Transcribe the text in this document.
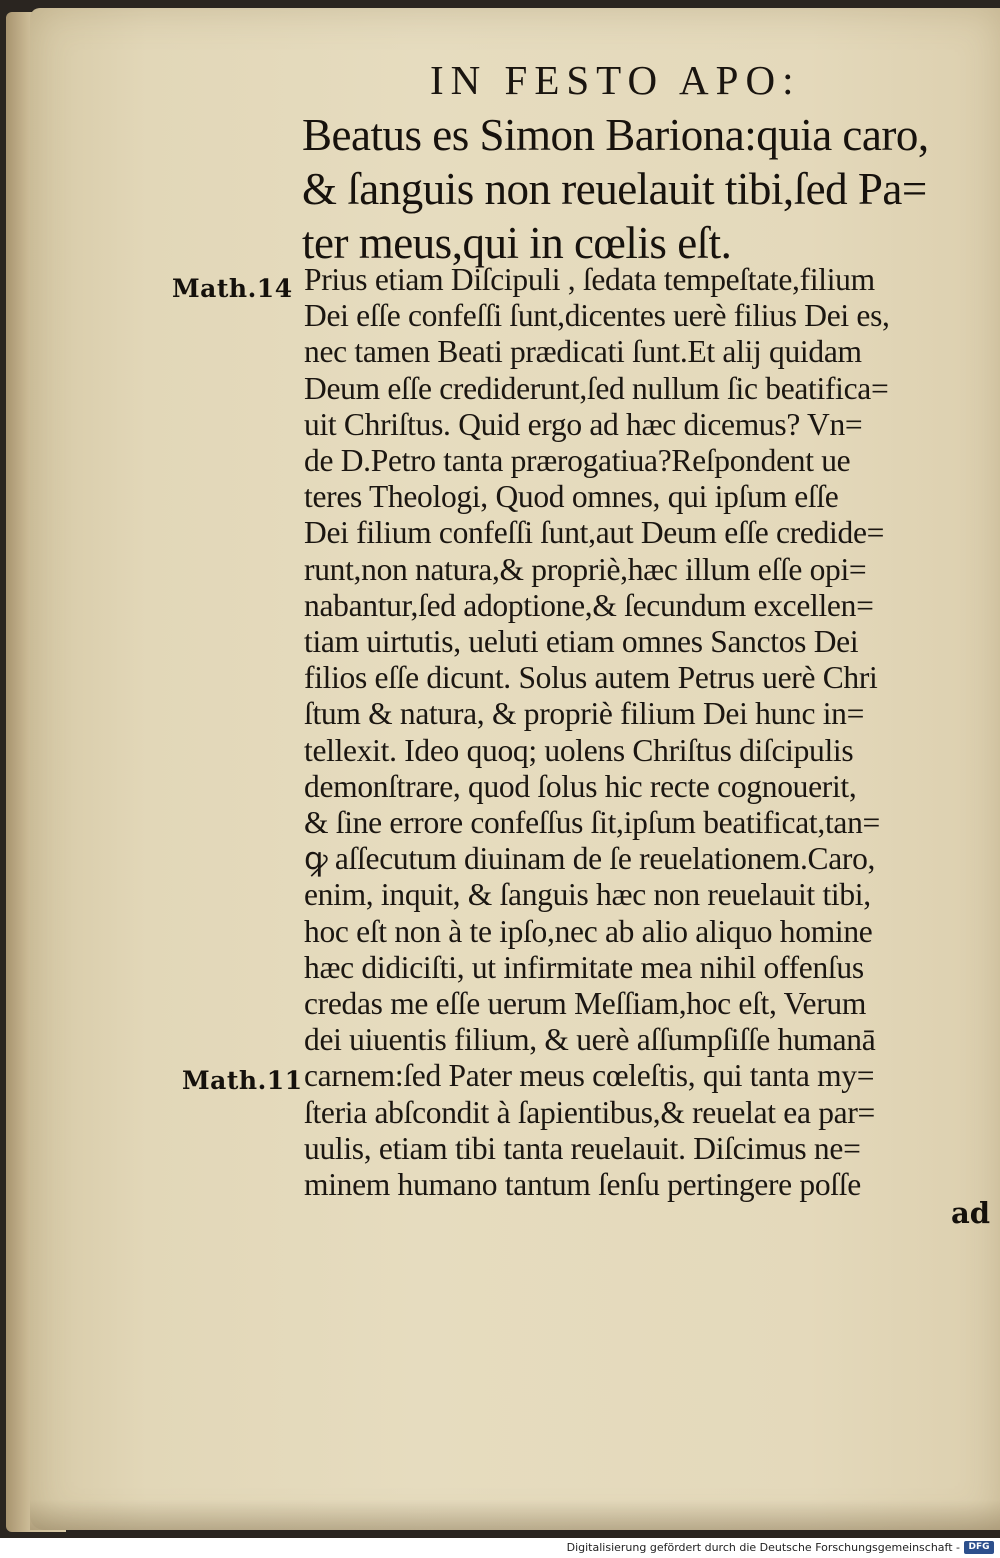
IN FESTO APO:
Beatus es Simon Bariona:quia caro,
& ſanguis non reuelauit tibi,ſed Pa=
ter meus,qui in cœlis eſt.
Math.14
Math.11
Prius etiam Diſcipuli , ſedata tempeſtate,filium
Dei eſſe confeſſi ſunt,dicentes uerè filius Dei es,
nec tamen Beati prædicati ſunt.Et alij quidam
Deum eſſe crediderunt,ſed nullum ſic beatifica=
uit Chriſtus. Quid ergo ad hæc dicemus? Vn=
de D.Petro tanta prærogatiua?Reſpondent ue
teres Theologi, Quod omnes, qui ipſum eſſe
Dei filium confeſſi ſunt,aut Deum eſſe credide=
runt,non natura,& propriè,hæc illum eſſe opi=
nabantur,ſed adoptione,& ſecundum excellen=
tiam uirtutis, ueluti etiam omnes Sanctos Dei
filios eſſe dicunt. Solus autem Petrus uerè Chri
ſtum & natura, & propriè filium Dei hunc in=
tellexit. Ideo quoq; uolens Chriſtus diſcipulis
demonſtrare, quod ſolus hic recte cognouerit,
& ſine errore confeſſus ſit,ipſum beatificat,tan=
ꝙ aſſecutum diuinam de ſe reuelationem.Caro,
enim, inquit, & ſanguis hæc non reuelauit tibi,
hoc eſt non à te ipſo,nec ab alio aliquo homine
hæc didiciſti, ut infirmitate mea nihil offenſus
credas me eſſe uerum Meſſiam,hoc eſt, Verum
dei uiuentis filium, & uerè aſſumpſiſſe humanā
carnem:ſed Pater meus cœleſtis, qui tanta my=
ſteria abſcondit à ſapientibus,& reuelat ea par=
uulis, etiam tibi tanta reuelauit. Diſcimus ne=
minem humano tantum ſenſu pertingere poſſe
ad
Digitalisierung gefördert durch die Deutsche Forschungsgemeinschaft - DFG
